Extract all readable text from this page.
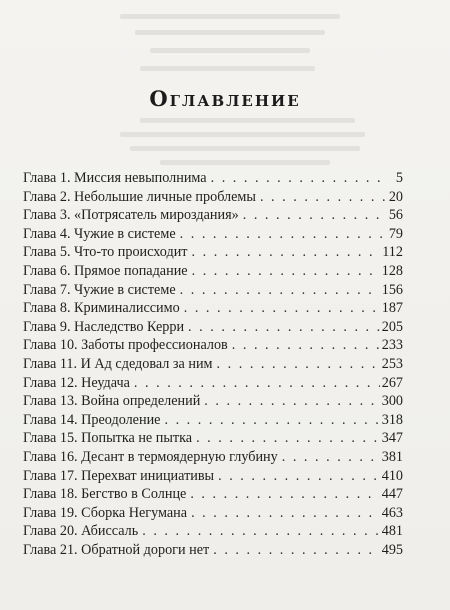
Оглавление
Глава 1. Миссия невыполнима . . .	5
Глава 2. Небольшие личные проблемы . . .	20
Глава 3. «Потрясатель мироздания» . . .	56
Глава 4. Чужие в системе . . .	79
Глава 5. Что-то происходит . . .	112
Глава 6. Прямое попадание . . .	128
Глава 7. Чужие в системе . . .	156
Глава 8. Криминалиссимо . . .	187
Глава 9. Наследство Керри . . .	205
Глава 10. Заботы профессионалов . . .	233
Глава 11. И Ад сдедовал за ним . . .	253
Глава 12. Неудача . . .	267
Глава 13. Война определений . . .	300
Глава 14. Преодоление . . .	318
Глава 15. Попытка не пытка . . .	347
Глава 16. Десант в термоядерную глубину . . .	381
Глава 17. Перехват инициативы . . .	410
Глава 18. Бегство в Солнце . . .	447
Глава 19. Сборка Негумана . . .	463
Глава 20. Абиссаль . . .	481
Глава 21. Обратной дороги нет . . .	495
